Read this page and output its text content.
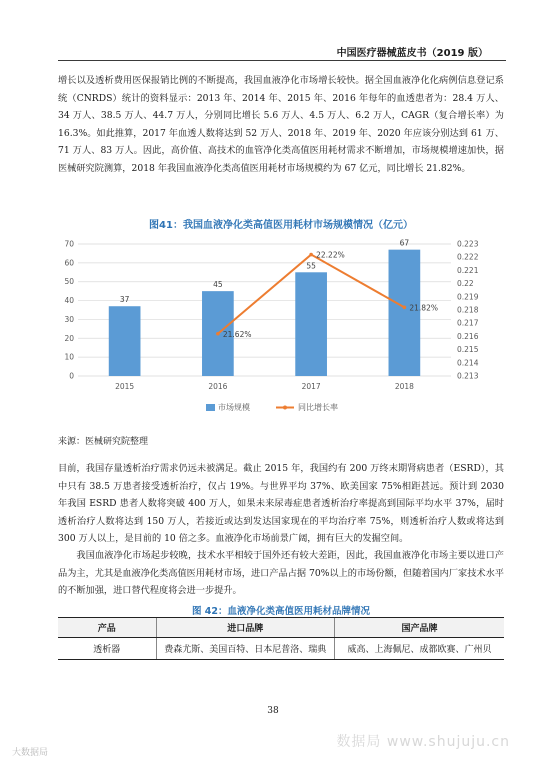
中国医疗器械蓝皮书（2019 版）

增长以及透析费用医保报销比例的不断提高，我国血液净化市场增长较快。据全国血液净化化病例信息登记系统（CNRDS）统计的资料显示：2013 年、2014 年、2015 年、2016 年每年的血透患者为：28.4 万人、34 万人、38.5 万人、44.7 万人，分别同比增长 5.6 万人、4.5 万人、6.2 万人，CAGR（复合增长率）为 16.3%。如此推算，2017 年血透人数将达到 52 万人、2018 年、2019 年、2020 年应该分别达到 61 万、71 万人、83 万人。因此，高价值、高技术的血管净化类高值医用耗材需求不断增加，市场规模增速加快，据医械研究院测算，2018 年我国血液净化类高值医用耗材市场规模约为 67 亿元，同比增长 21.82%。

图41：我国血液净化类高值医用耗材市场规模情况（亿元）
0
10
20
30
40
50
60
70
0.213
0.214
0.215
0.216
0.217
0.218
0.219
0.22
0.221
0.222
0.223
37
2015
45
2016
55
2017
67
2018
21.62%
22.22%
21.82%
市场规模	同比增长率
来源：医械研究院整理

目前，我国存量透析治疗需求仍远未被满足。截止 2015 年，我国约有 200 万终末期肾病患者（ESRD），其中只有 38.5 万患者接受透析治疗，仅占 19%。与世界平均 37%、欧美国家 75%相距甚远。预计到 2030 年我国 ESRD 患者人数将突破 400 万人，如果未来尿毒症患者透析治疗率提高到国际平均水平 37%，届时透析治疗人数将达到 150 万人，若接近或达到发达国家现在的平均治疗率 75%，则透析治疗人数或将达到 300 万人以上，是目前的 10 倍之多。血液净化市场前景广阔，拥有巨大的发掘空间。

我国血液净化市场起步较晚，技术水平相较于国外还有较大差距，因此，我国血液净化市场主要以进口产品为主，尤其是血液净化类高值医用耗材市场，进口产品占据 70%以上的市场份额，但随着国内厂家技术水平的不断加强，进口替代程度将会进一步提升。

图 42：血液净化类高值医用耗材品牌情况
产品	进口品牌	国产品牌
透析器	费森尤斯、美国百特、日本尼普洛、瑞典	威高、上海佩尼、成都欧赛、广州贝
38
大数据局
数据局 www.shujuju.cn
